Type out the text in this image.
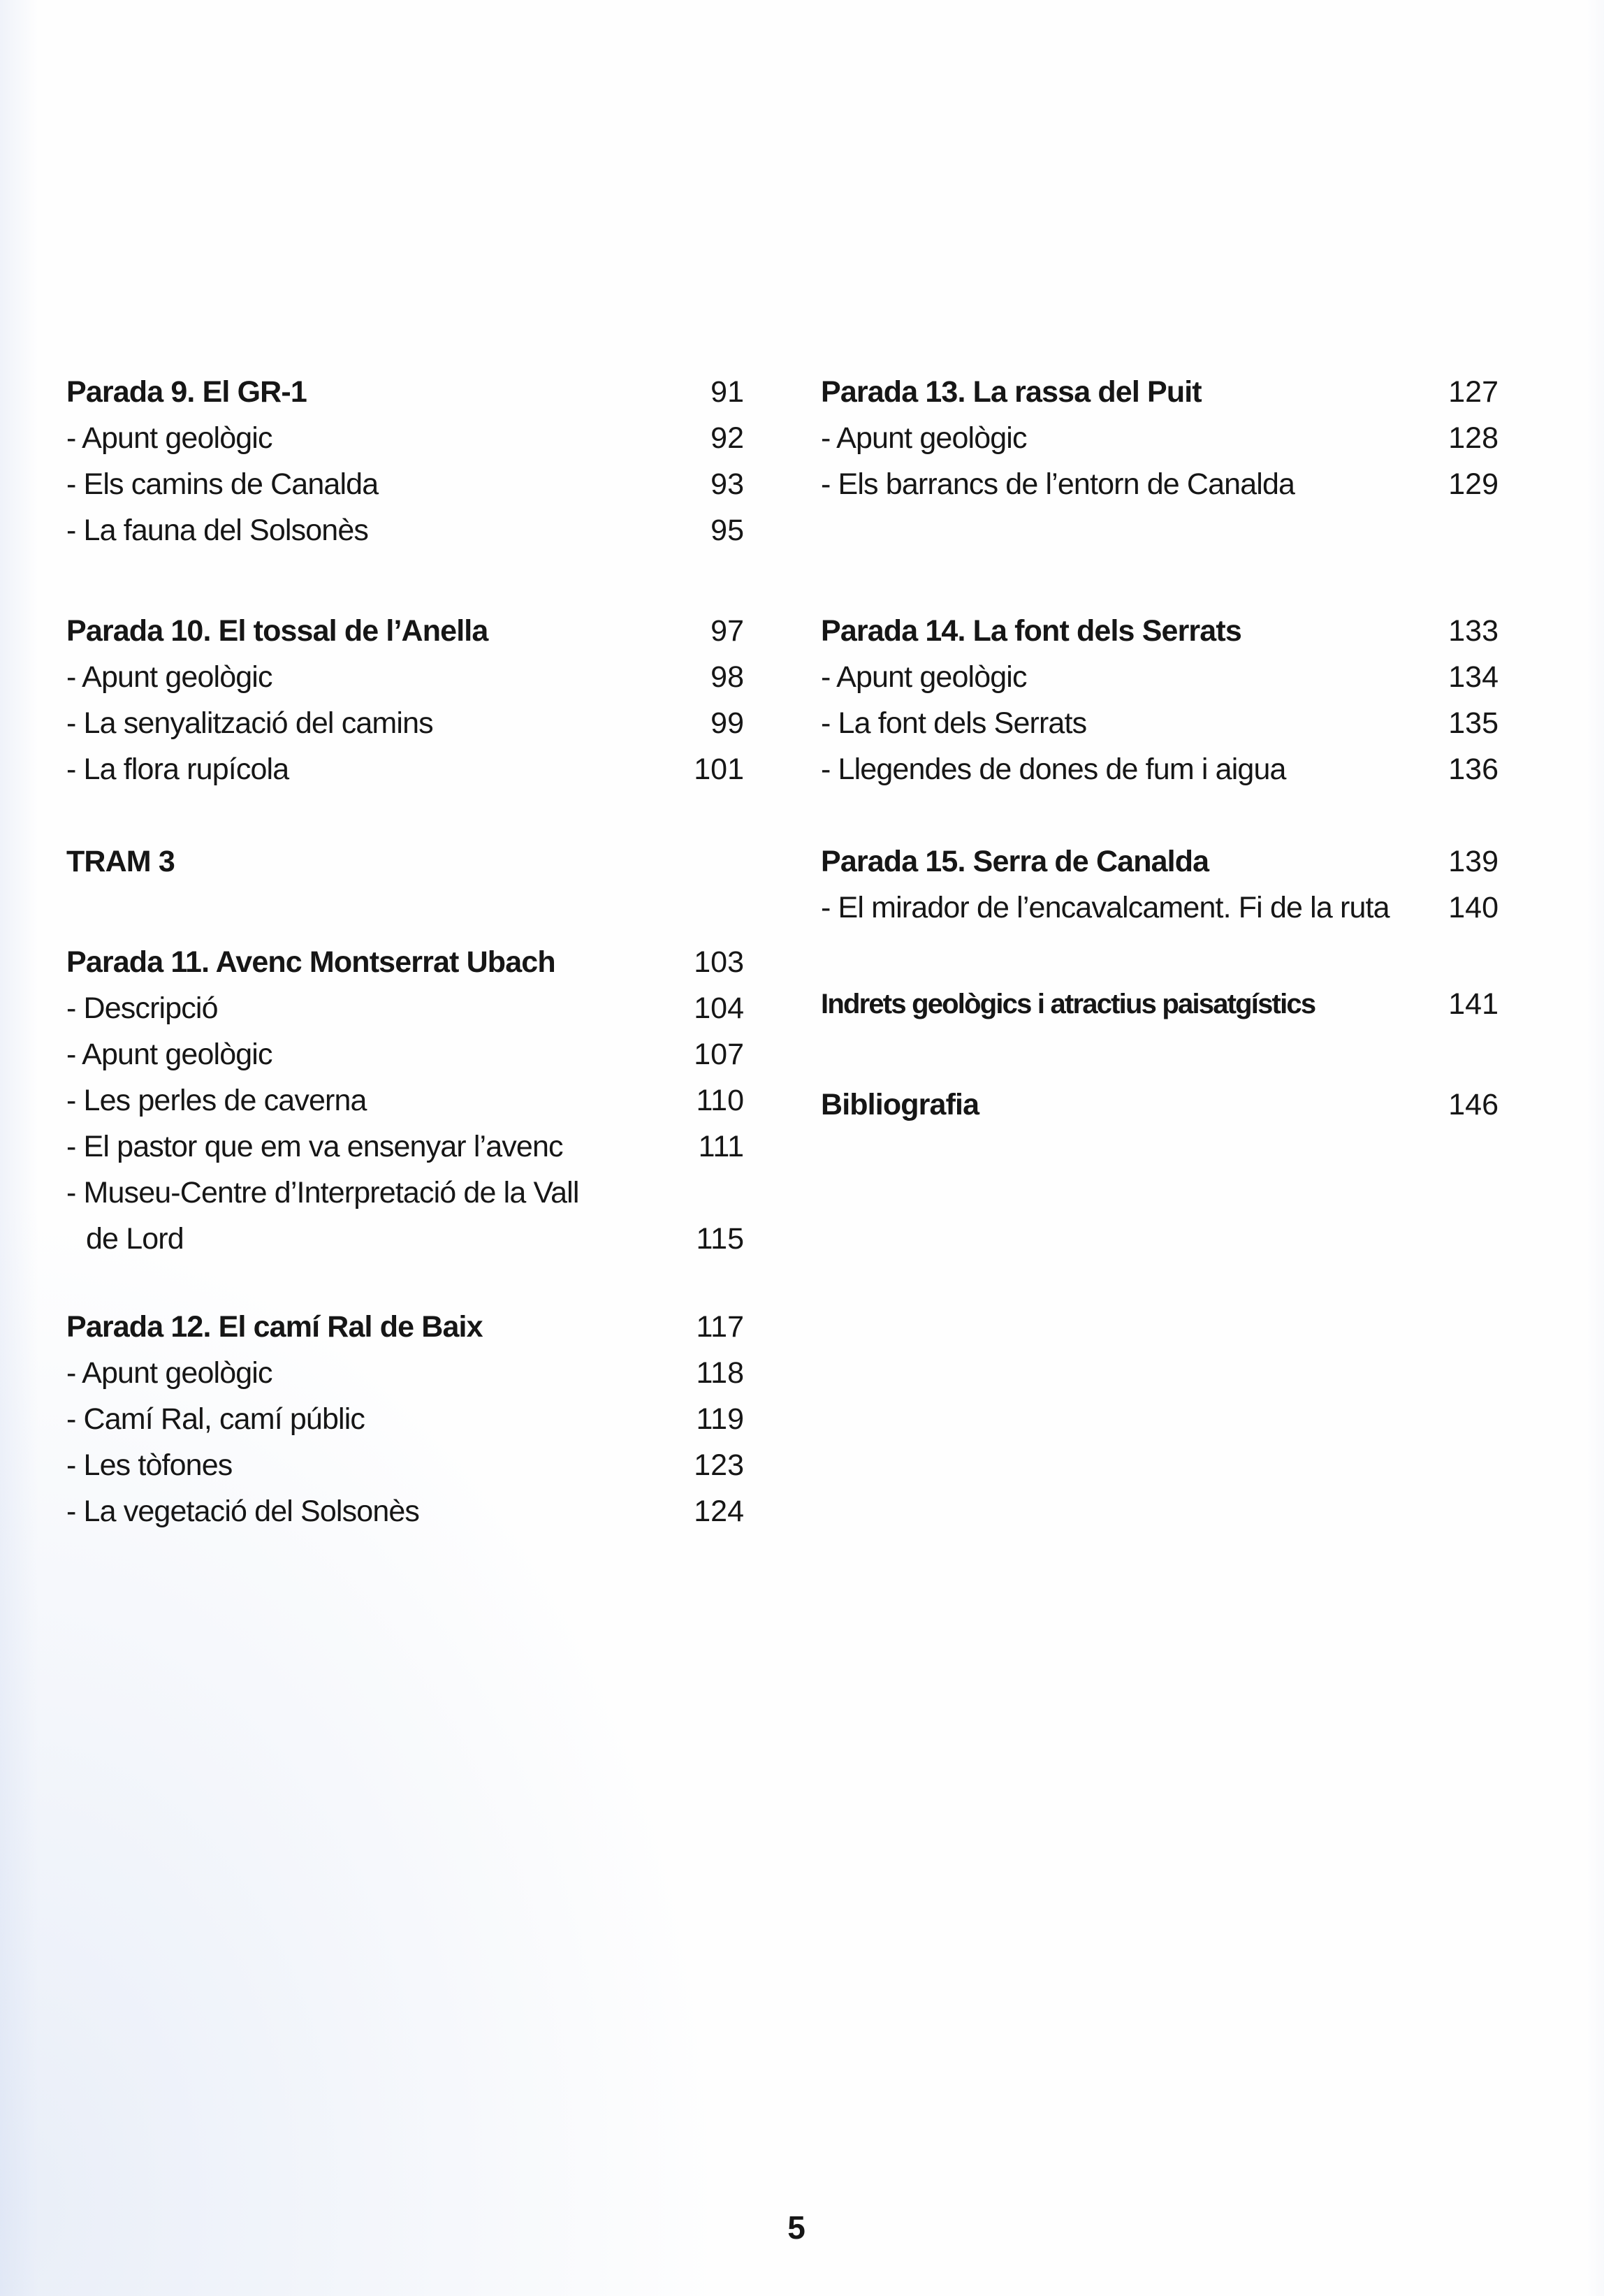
Parada 9. El GR-1	91
- Apunt geològic	92
- Els camins de Canalda	93
- La fauna del Solsonès	95
Parada 10. El tossal de l’Anella	97
- Apunt geològic	98
- La senyalització del camins	99
- La flora rupícola	101
TRAM 3
Parada 11. Avenc Montserrat Ubach	103
- Descripció	104
- Apunt geològic	107
- Les perles de caverna	110
- El pastor que em va ensenyar l’avenc	111
- Museu-Centre d’Interpretació de la Vall
de Lord	115
Parada 12. El camí Ral de Baix	117
- Apunt geològic	118
- Camí Ral, camí públic	119
- Les tòfones	123
- La vegetació del Solsonès	124
Parada 13. La rassa del Puit	127
- Apunt geològic	128
- Els barrancs de l’entorn de Canalda	129
Parada 14. La font dels Serrats	133
- Apunt geològic	134
- La font dels Serrats	135
- Llegendes de dones de fum i aigua	136
Parada 15. Serra de Canalda	139
- El mirador de l’encavalcament. Fi de la ruta 140
Indrets geològics i atractius paisatgístics	141
Bibliografia	146
5
